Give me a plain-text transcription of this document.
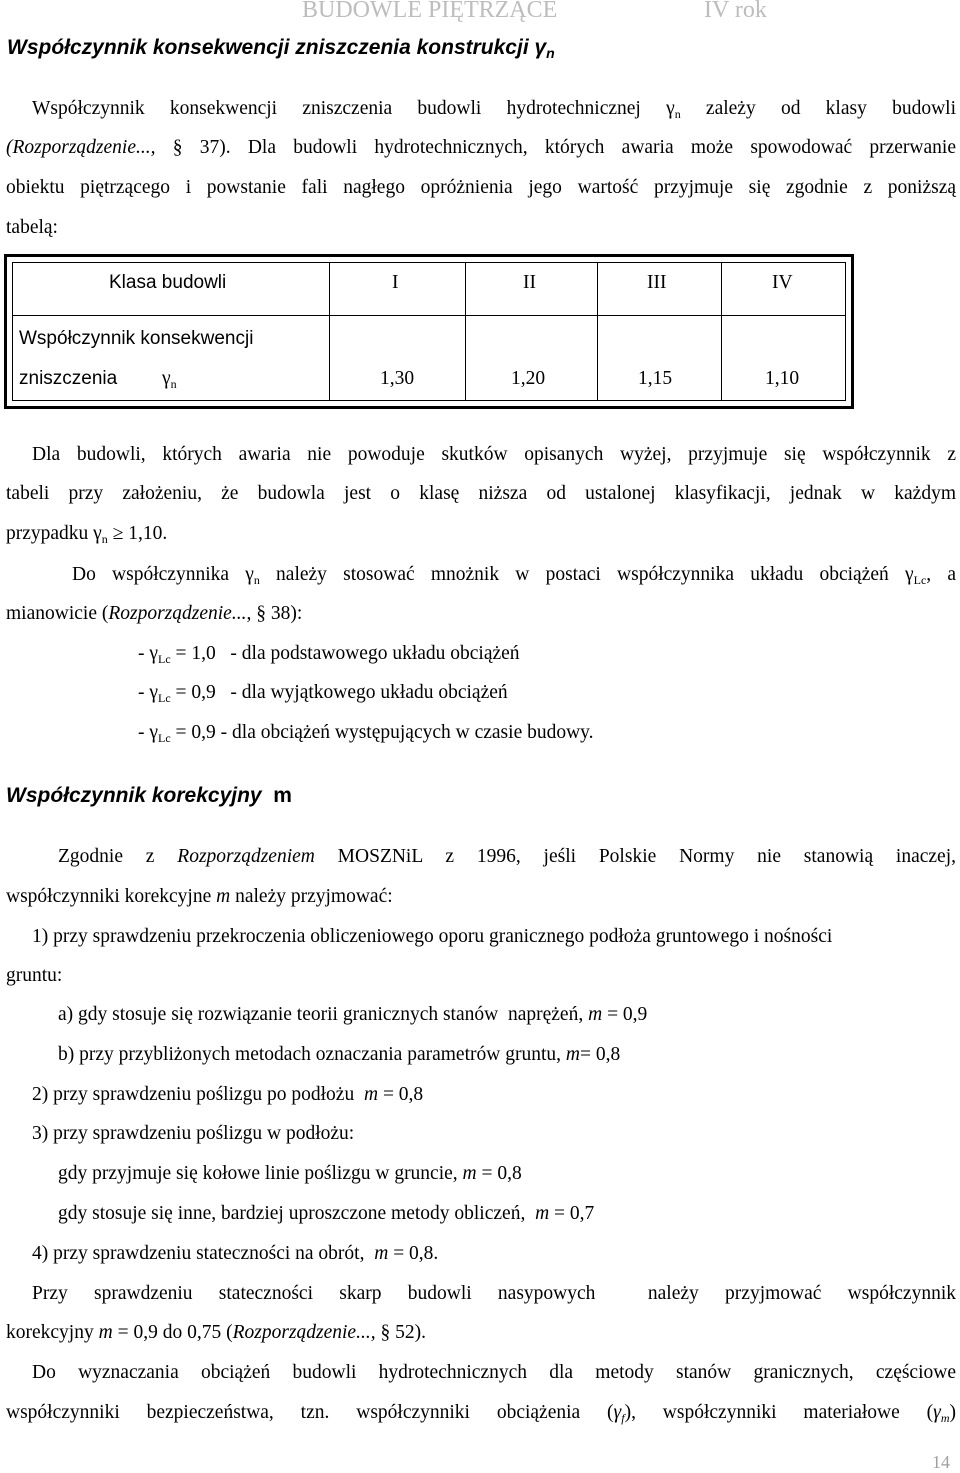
BUDOWLE PIĘTRZĄCE	IV rok
Współczynnik konsekwencji zniszczenia konstrukcji $\gamma_n$
Współczynnik konsekwencji zniszczenia budowli hydrotechnicznej $\gamma_n$ zależy od klasy budowli
(Rozporządzenie..., § 37). Dla budowli hydrotechnicznych, których awaria może spowodować przerwanie
obiektu piętrzącego i powstanie fali nagłego opróżnienia jego wartość przyjmuje się zgodnie z poniższą
tabelą:
Klasa budowli	I	II	III	IV
Współczynnik konsekwencji
zniszczenia $\gamma_n$	1,30	1,20	1,15	1,10
Dla budowli, których awaria nie powoduje skutków opisanych wyżej, przyjmuje się współczynnik z
tabeli przy założeniu, że budowla jest o klasę niższa od ustalonej klasyfikacji, jednak w każdym
przypadku $\gamma_n \ge 1,10$.
Do współczynnika $\gamma_n$ należy stosować mnożnik w postaci współczynnika układu obciążeń $\gamma_{Lc}$, a
mianowicie (Rozporządzenie..., § 38):
- $\gamma_{Lc} = 1,0$   - dla podstawowego układu obciążeń
- $\gamma_{Lc} = 0,9$   - dla wyjątkowego układu obciążeń
- $\gamma_{Lc} = 0,9$ - dla obciążeń występujących w czasie budowy.
Współczynnik korekcyjny m
Zgodnie z Rozporządzeniem MOSZNiL z 1996, jeśli Polskie Normy nie stanowią inaczej,
współczynniki korekcyjne m należy przyjmować:
1) przy sprawdzeniu przekroczenia obliczeniowego oporu granicznego podłoża gruntowego i nośności
gruntu:
a) gdy stosuje się rozwiązanie teorii granicznych stanów  naprężeń, m = 0,9
b) przy przybliżonych metodach oznaczania parametrów gruntu, m= 0,8
2) przy sprawdzeniu poślizgu po podłożu  m = 0,8
3) przy sprawdzeniu poślizgu w podłożu:
gdy przyjmuje się kołowe linie poślizgu w gruncie, m = 0,8
gdy stosuje się inne, bardziej uproszczone metody obliczeń,  m = 0,7
4) przy sprawdzeniu stateczności na obrót,  m = 0,8.
Przy sprawdzeniu stateczności skarp budowli nasypowych  należy przyjmować współczynnik
korekcyjny m = 0,9 do 0,75 (Rozporządzenie..., § 52).
Do wyznaczania obciążeń budowli hydrotechnicznych dla metody stanów granicznych, częściowe
współczynniki bezpieczeństwa, tzn. współczynniki obciążenia $(\gamma_f)$, współczynniki materiałowe $(\gamma_m)$
14
